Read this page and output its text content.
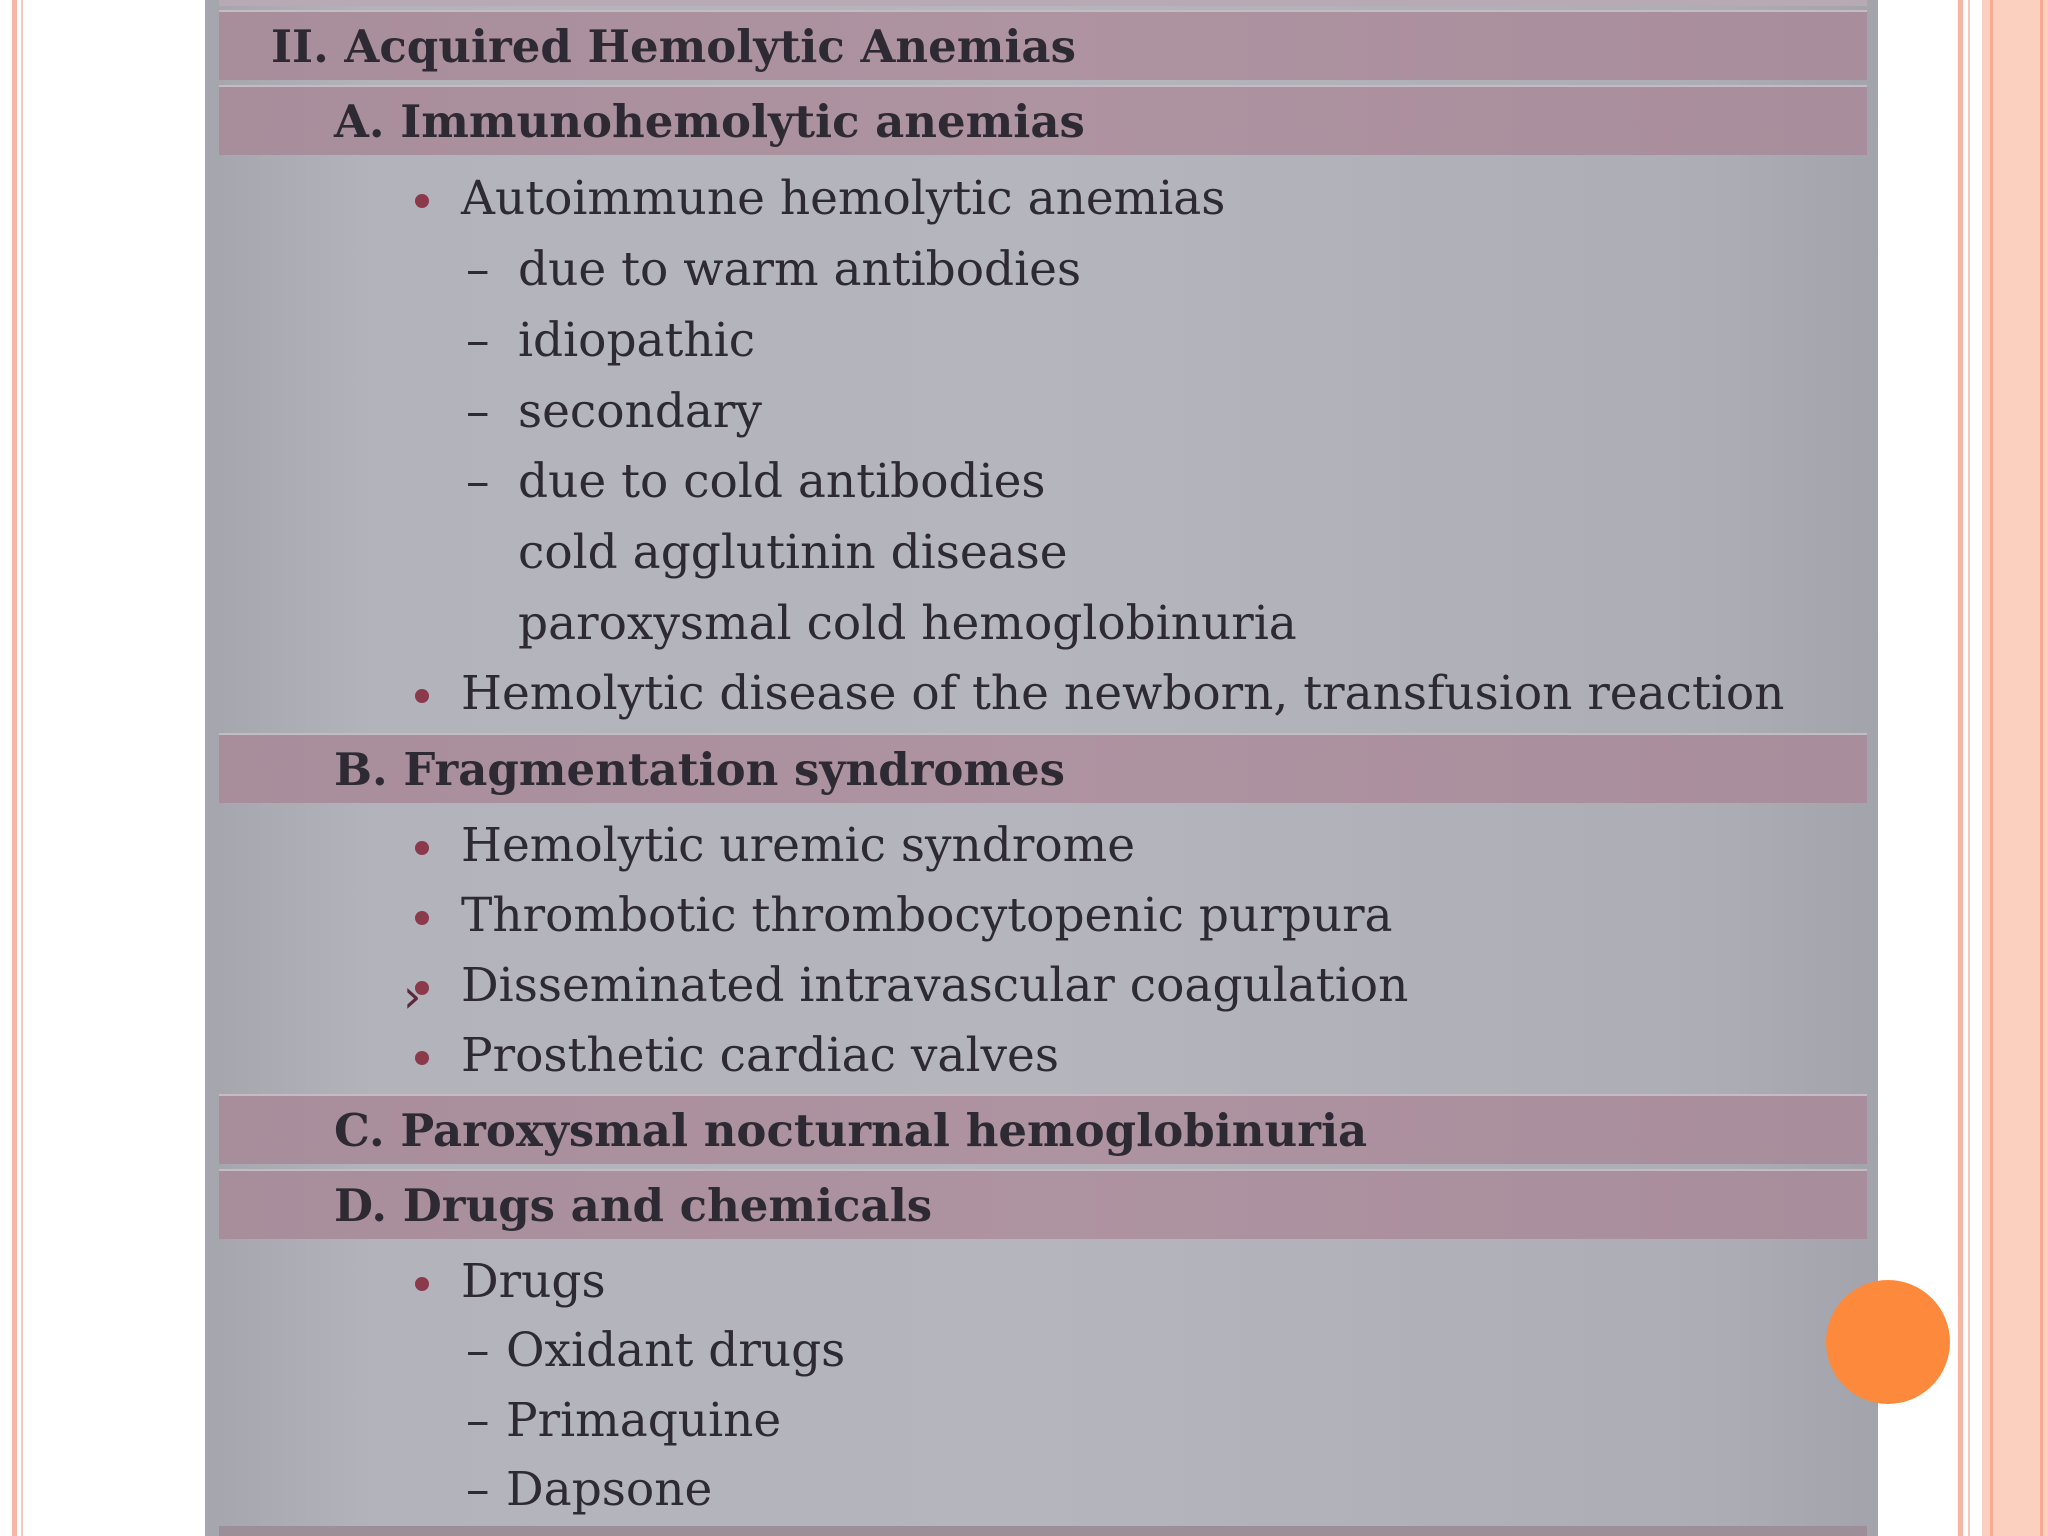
II. Acquired Hemolytic Anemias
A. Immunohemolytic anemias
Autoimmune hemolytic anemias
– due to warm antibodies
– idiopathic
– secondary
– due to cold antibodies
cold agglutinin disease
paroxysmal cold hemoglobinuria
Hemolytic disease of the newborn, transfusion reaction
B. Fragmentation syndromes
Hemolytic uremic syndrome
Thrombotic thrombocytopenic purpura
› Disseminated intravascular coagulation
Prosthetic cardiac valves
C. Paroxysmal nocturnal hemoglobinuria
D. Drugs and chemicals
Drugs
– Oxidant drugs
– Primaquine
– Dapsone
